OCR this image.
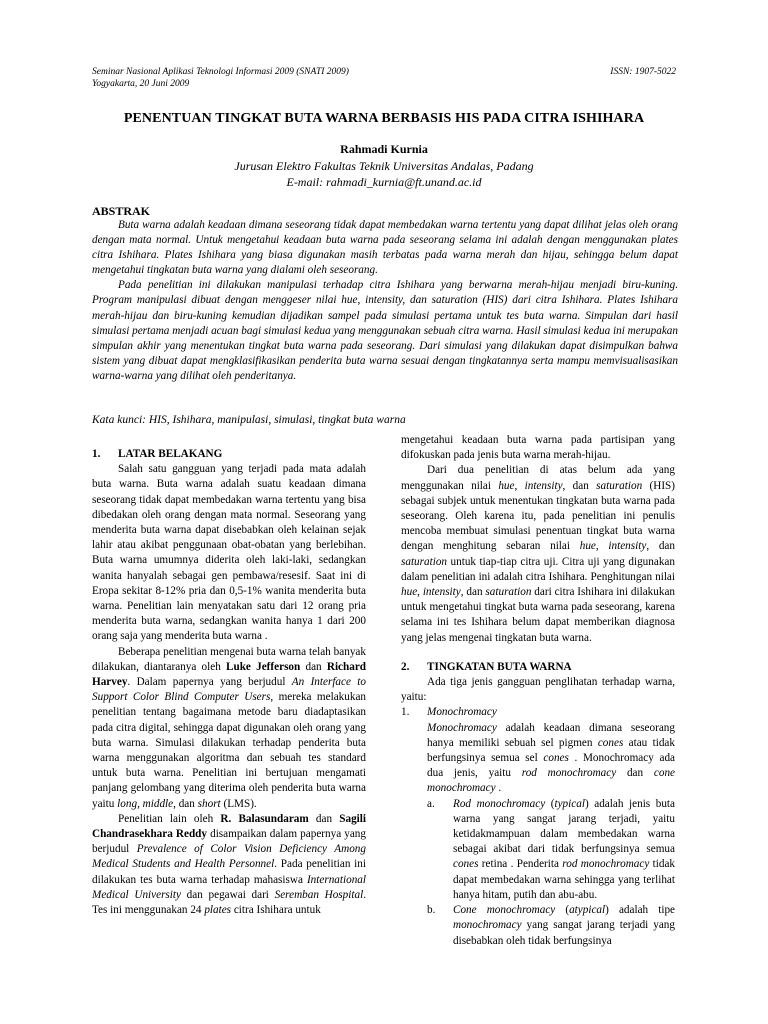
Seminar Nasional Aplikasi Teknologi Informasi 2009 (SNATI 2009)
Yogyakarta, 20 Juni 2009
ISSN: 1907-5022
PENENTUAN TINGKAT BUTA WARNA BERBASIS HIS PADA CITRA ISHIHARA
Rahmadi Kurnia
Jurusan Elektro Fakultas Teknik Universitas Andalas, Padang
E-mail: rahmadi_kurnia@ft.unand.ac.id
ABSTRAK

Buta warna adalah keadaan dimana seseorang tidak dapat membedakan warna tertentu yang dapat dilihat jelas oleh orang dengan mata normal. Untuk mengetahui keadaan buta warna pada seseorang selama ini adalah dengan menggunakan plates citra Ishihara. Plates Ishihara yang biasa digunakan masih terbatas pada warna merah dan hijau, sehingga belum dapat mengetahui tingkatan buta warna yang dialami oleh seseorang.

Pada penelitian ini dilakukan manipulasi terhadap citra Ishihara yang berwarna merah-hijau menjadi biru-kuning. Program manipulasi dibuat dengan menggeser nilai hue, intensity, dan saturation (HIS) dari citra Ishihara. Plates Ishihara merah-hijau dan biru-kuning kemudian dijadikan sampel pada simulasi pertama untuk tes buta warna. Simpulan dari hasil simulasi pertama menjadi acuan bagi simulasi kedua yang menggunakan sebuah citra warna. Hasil simulasi kedua ini merupakan simpulan akhir yang menentukan tingkat buta warna pada seseorang. Dari simulasi yang dilakukan dapat disimpulkan bahwa sistem yang dibuat dapat mengklasifikasikan penderita buta warna sesuai dengan tingkatannya serta mampu memvisualisasikan warna-warna yang dilihat oleh penderitanya.

Kata kunci: HIS, Ishihara, manipulasi, simulasi, tingkat buta warna

1. LATAR BELAKANG

Salah satu gangguan yang terjadi pada mata adalah buta warna. Buta warna adalah suatu keadaan dimana seseorang tidak dapat membedakan warna tertentu yang bisa dibedakan oleh orang dengan mata normal. Seseorang yang menderita buta warna dapat disebabkan oleh kelainan sejak lahir atau akibat penggunaan obat-obatan yang berlebihan. Buta warna umumnya diderita oleh laki-laki, sedangkan wanita hanyalah sebagai gen pembawa/resesif. Saat ini di Eropa sekitar 8-12% pria dan 0,5-1% wanita menderita buta warna. Penelitian lain menyatakan satu dari 12 orang pria menderita buta warna, sedangkan wanita hanya 1 dari 200 orang saja yang menderita buta warna .

Beberapa penelitian mengenai buta warna telah banyak dilakukan, diantaranya oleh Luke Jefferson dan Richard Harvey. Dalam papernya yang berjudul An Interface to Support Color Blind Computer Users, mereka melakukan penelitian tentang bagaimana metode baru diadaptasikan pada citra digital, sehingga dapat digunakan oleh orang yang buta warna. Simulasi dilakukan terhadap penderita buta warna menggunakan algoritma dan sebuah tes standard untuk buta warna. Penelitian ini bertujuan mengamati panjang gelombang yang diterima oleh penderita buta warna yaitu long, middle, dan short (LMS).

Penelitian lain oleh R. Balasundaram dan Sagili Chandrasekhara Reddy disampaikan dalam papernya yang berjudul Prevalence of Color Vision Deficiency Among Medical Students and Health Personnel. Pada penelitian ini dilakukan tes buta warna terhadap mahasiswa International Medical University dan pegawai dari Seremban Hospital. Tes ini menggunakan 24 plates citra Ishihara untuk

mengetahui keadaan buta warna pada partisipan yang difokuskan pada jenis buta warna merah-hijau.

Dari dua penelitian di atas belum ada yang menggunakan nilai hue, intensity, dan saturation (HIS) sebagai subjek untuk menentukan tingkatan buta warna pada seseorang. Oleh karena itu, pada penelitian ini penulis mencoba membuat simulasi penentuan tingkat buta warna dengan menghitung sebaran nilai hue, intensity, dan saturation untuk tiap-tiap citra uji. Citra uji yang digunakan dalam penelitian ini adalah citra Ishihara. Penghitungan nilai hue, intensity, dan saturation dari citra Ishihara ini dilakukan untuk mengetahui tingkat buta warna pada seseorang, karena selama ini tes Ishihara belum dapat memberikan diagnosa yang jelas mengenai tingkatan buta warna.

2. TINGKATAN BUTA WARNA

Ada tiga jenis gangguan penglihatan terhadap warna, yaitu:

1. Monochromacy

Monochromacy adalah keadaan dimana seseorang hanya memiliki sebuah sel pigmen cones atau tidak berfungsinya semua sel cones . Monochromacy ada dua jenis, yaitu rod monochromacy dan cone monochromacy .

a. Rod monochromacy (typical) adalah jenis buta warna yang sangat jarang terjadi, yaitu ketidakmampuan dalam membedakan warna sebagai akibat dari tidak berfungsinya semua cones retina . Penderita rod monochromacy tidak dapat membedakan warna sehingga yang terlihat hanya hitam, putih dan abu-abu.

b. Cone monochromacy (atypical) adalah tipe monochromacy yang sangat jarang terjadi yang disebabkan oleh tidak berfungsinya
